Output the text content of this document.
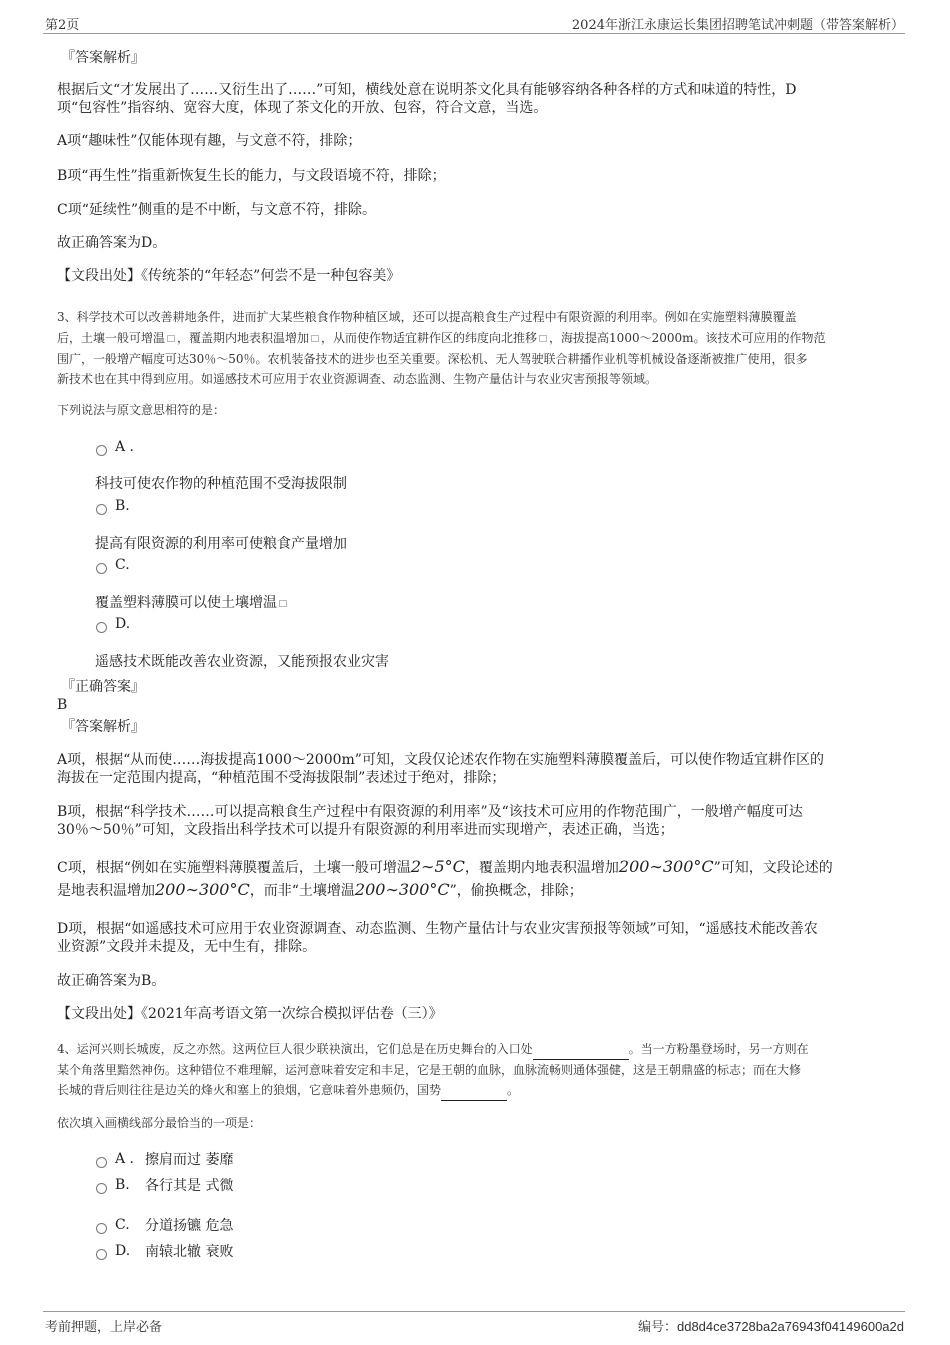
第2页	2024年浙江永康运长集团招聘笔试冲刺题（带答案解析）
『答案解析』
根据后文“才发展出了……又衍生出了……”可知，横线处意在说明茶文化具有能够容纳各种各样的方式和味道的特性，D
项“包容性”指容纳、宽容大度，体现了茶文化的开放、包容，符合文意，当选。
A项“趣味性”仅能体现有趣，与文意不符，排除；
B项“再生性”指重新恢复生长的能力，与文段语境不符，排除；
C项“延续性”侧重的是不中断，与文意不符，排除。
故正确答案为D。
【文段出处】《传统茶的“年轻态”何尝不是一种包容美》
3、科学技术可以改善耕地条件，进而扩大某些粮食作物种植区域，还可以提高粮食生产过程中有限资源的利用率。例如在实施塑料薄膜覆盖
后，土壤一般可增温 ，覆盖期内地表积温增加 ，从而使作物适宜耕作区的纬度向北推移 ，海拔提高1000～2000m。该技术可应用的作物范
围广，一般增产幅度可达30％～50％。农机装备技术的进步也至关重要。深松机、无人驾驶联合耕播作业机等机械设备逐渐被推广使用，很多
新技术也在其中得到应用。如遥感技术可应用于农业资源调查、动态监测、生物产量估计与农业灾害预报等领域。
下列说法与原文意思相符的是：
A .
科技可使农作物的种植范围不受海拔限制
B.
提高有限资源的利用率可使粮食产量增加
C.
覆盖塑料薄膜可以使土壤增温
D.
遥感技术既能改善农业资源，又能预报农业灾害
『正确答案』
B
『答案解析』
A项，根据“从而使……海拔提高1000～2000m”可知，文段仅论述农作物在实施塑料薄膜覆盖后，可以使作物适宜耕作区的
海拔在一定范围内提高，“种植范围不受海拔限制”表述过于绝对，排除；
B项，根据“科学技术……可以提高粮食生产过程中有限资源的利用率”及“该技术可应用的作物范围广，一般增产幅度可达
30％～50％”可知，文段指出科学技术可以提升有限资源的利用率进而实现增产，表述正确，当选；
C项，根据“例如在实施塑料薄膜覆盖后，土壤一般可增温2∼5°C，覆盖期内地表积温增加200∼300°C”可知，文段论述的
是地表积温增加200∼300°C，而非“土壤增温200∼300°C”，偷换概念，排除；
D项，根据“如遥感技术可应用于农业资源调查、动态监测、生物产量估计与农业灾害预报等领域”可知，“遥感技术能改善农
业资源”文段并未提及，无中生有，排除。
故正确答案为B。
【文段出处】《2021年高考语文第一次综合模拟评估卷（三）》
4、运河兴则长城废，反之亦然。这两位巨人很少联袂演出，它们总是在历史舞台的入口处	。当一方粉墨登场时，另一方则在
某个角落里黯然神伤。这种错位不难理解，运河意味着安定和丰足，它是王朝的血脉，血脉流畅则通体强健，这是王朝鼎盛的标志；而在大修
长城的背后则往往是边关的烽火和塞上的狼烟，它意味着外患频仍，国势	。
依次填入画横线部分最恰当的一项是：
A . 擦肩而过 萎靡
B. 各行其是 式微
C. 分道扬镳 危急
D. 南辕北辙 衰败
考前押题，上岸必备	编号：dd8d4ce3728ba2a76943f04149600a2d
